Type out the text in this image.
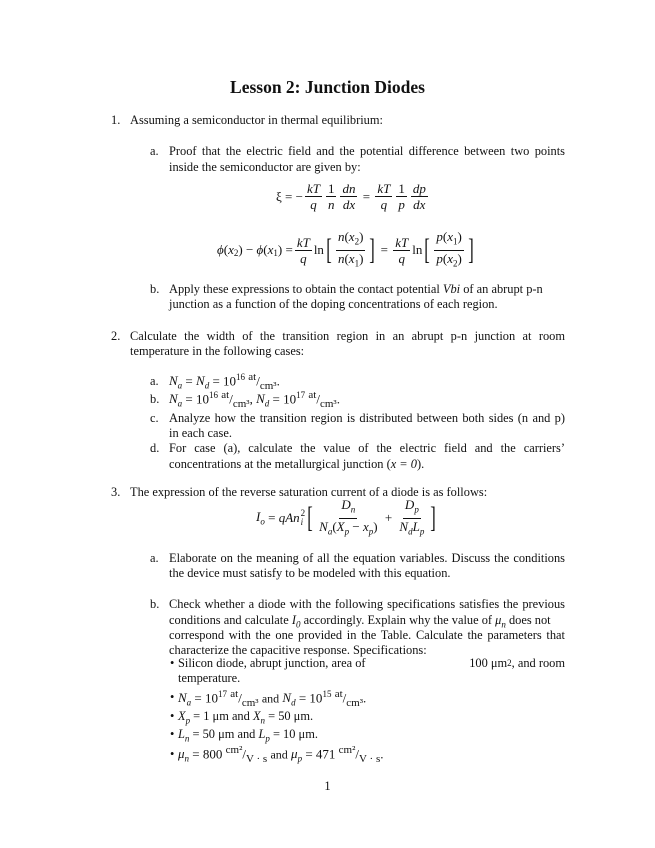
Lesson 2: Junction Diodes
1. Assuming a semiconductor in thermal equilibrium:
a. Proof that the electric field and the potential difference between two points
inside the semiconductor are given by:
ξ = − $\frac{kT}{q} \frac{1}{n} \frac{dn}{dx} = \frac{kT}{q} \frac{1}{p} \frac{dp}{dx}$
ϕ ( x 2 ) − ϕ ( x 1 ) = $\frac{kT}{q}$ ln [ $\frac{n(x_2)}{n(x_1)}$ ] = $\frac{kT}{q}$ ln [ $\frac{p(x_1)}{p(x_2)}$ ]
b. Apply these expressions to obtain the contact potential Vbi of an abrupt p-n
junction as a function of the doping concentrations of each region.
2. Calculate the width of the transition region in an abrupt p-n junction at room
temperature in the following cases:
a. $N_a = N_d = 10^{16}$ $^{at}/_{cm^3}$.
b. $N_a = 10^{16}$ $^{at}/_{cm^3}$, $N_d = 10^{17}$ $^{at}/_{cm^3}$.
c. Analyze how the transition region is distributed between both sides (n and p)
in each case.
d. For case (a), calculate the value of the electric field and the carriers’
concentrations at the metallurgical junction (x = 0).
3. The expression of the reverse saturation current of a diode is as follows:
$I_o$ = qAn 2
i [ $\frac{D_n}{N_a(X_p - x_p)} + \frac{D_p}{N_dL_p}$ ]
a. Elaborate on the meaning of all the equation variables. Discuss the conditions
the device must satisfy to be modeled with this equation.
b. Check whether a diode with the following specifications satisfies the previous
conditions and calculate $I_0$ accordingly. Explain why the value of $\mu_n$ does not
correspond with the one provided in the Table. Calculate the parameters that
characterize the capacitive response. Specifications:
• Silicon diode, abrupt junction, area of	100 μm 2 , and room
temperature.
• $N_a = 10^{17}$ $^{at}/_{cm^3}$ and $N_d = 10^{15}$ $^{at}/_{cm^3}$.
• $X_p = 1$ μm and $X_n = 50$ μm.
• $L_n = 50$ μm and $L_p = 10$ μm.
• $\mu_n = 800$ $^{cm^2}/_{V \cdot s}$ and $\mu_p = 471$ $^{cm^2}/_{V \cdot s}$.
1
